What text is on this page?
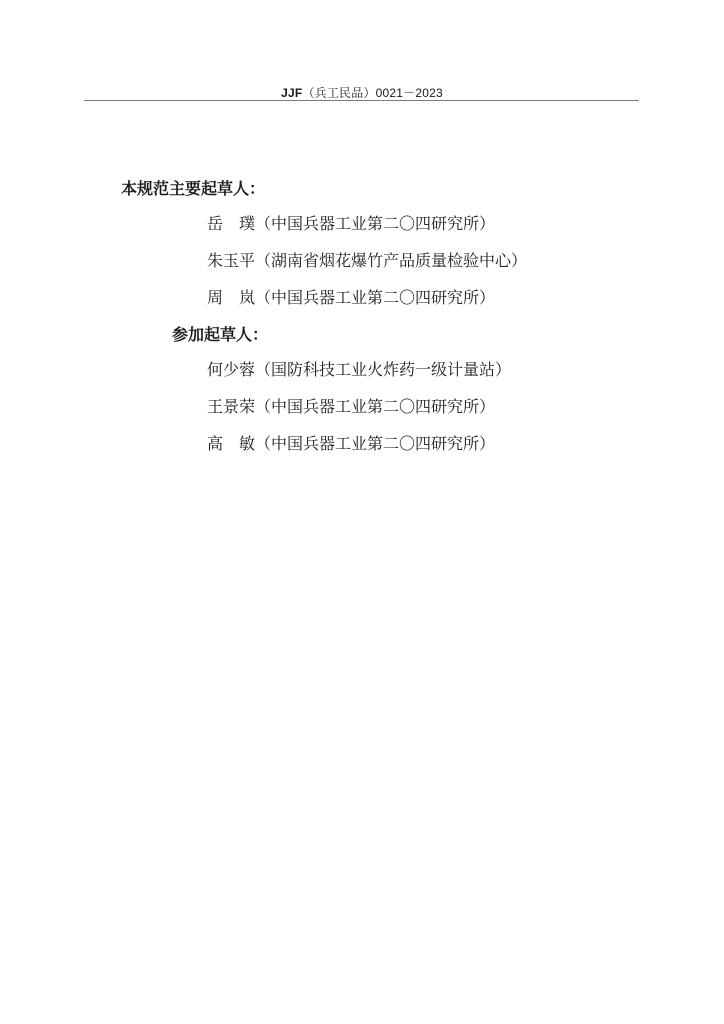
JJF（兵工民品）0021－2023
本规范主要起草人：
岳　璞 （中国兵器工业第二〇四研究所）
朱玉平 （湖南省烟花爆竹产品质量检验中心）
周　岚 （中国兵器工业第二〇四研究所）
参加起草人：
何少蓉 （国防科技工业火炸药一级计量站）
王景荣 （中国兵器工业第二〇四研究所）
高　敏 （中国兵器工业第二〇四研究所）
